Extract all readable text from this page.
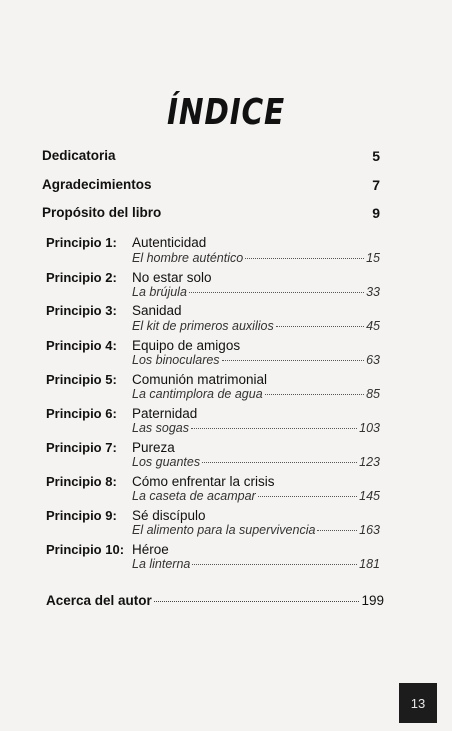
ÍNDICE
Dedicatoria	5
Agradecimientos	7
Propósito del libro	9
Principio 1: Autenticidad
El hombre auténtico	15
Principio 2: No estar solo
La brújula	33
Principio 3: Sanidad
El kit de primeros auxilios	45
Principio 4: Equipo de amigos
Los binoculares	63
Principio 5: Comunión matrimonial
La cantimplora de agua	85
Principio 6: Paternidad
Las sogas	103
Principio 7: Pureza
Los guantes	123
Principio 8: Cómo enfrentar la crisis
La caseta de acampar	145
Principio 9: Sé discípulo
El alimento para la supervivencia	163
Principio 10: Héroe
La linterna	181
Acerca del autor	199
13
